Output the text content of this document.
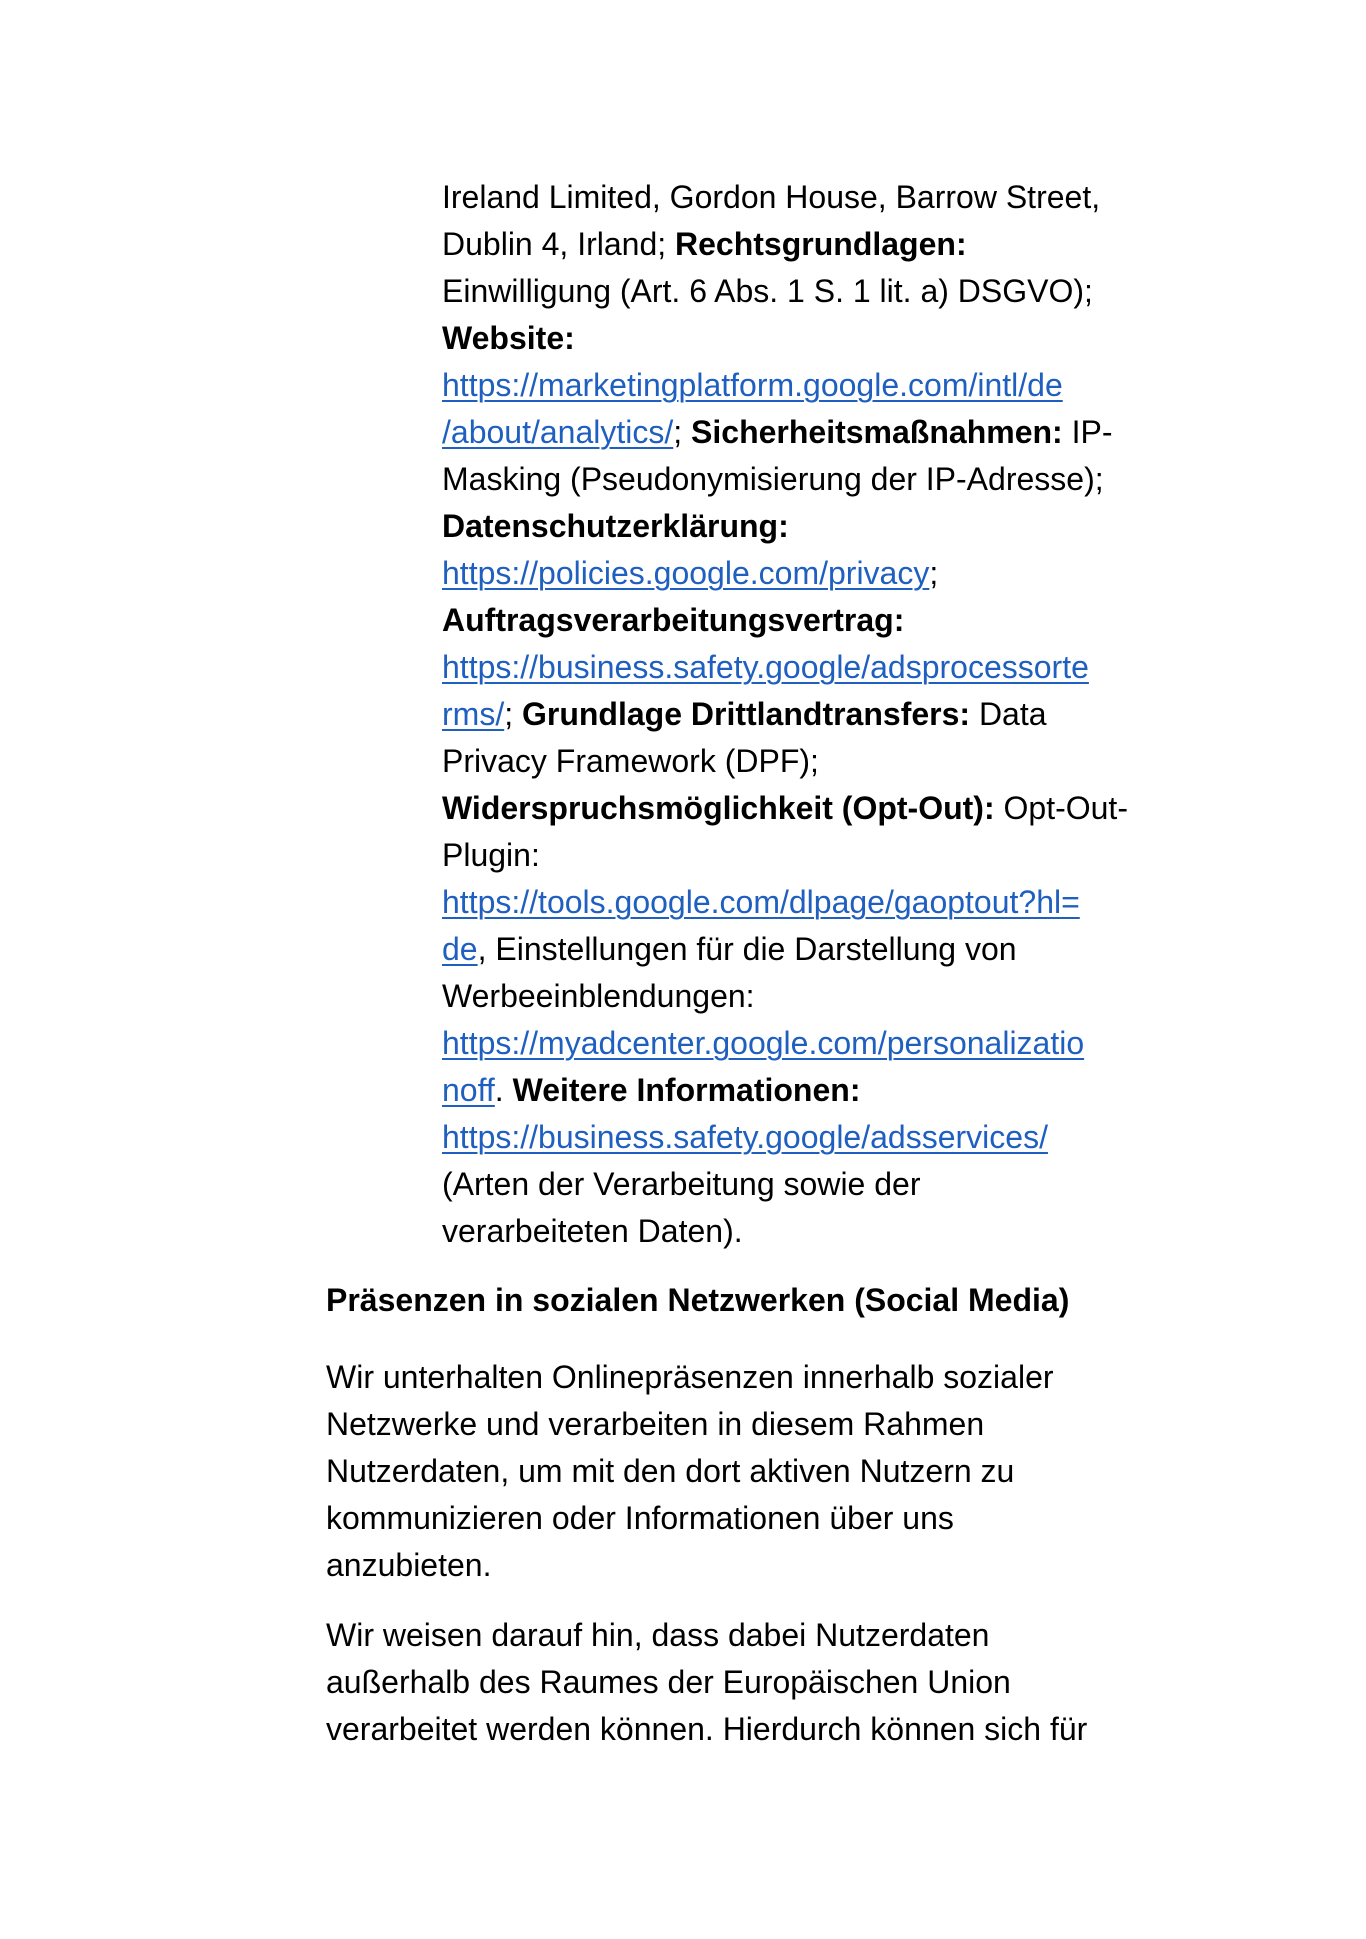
Ireland Limited, Gordon House, Barrow Street,
Dublin 4, Irland; Rechtsgrundlagen:
Einwilligung (Art. 6 Abs. 1 S. 1 lit. a) DSGVO);
Website:
https://marketingplatform.google.com/intl/de
/about/analytics/; Sicherheitsmaßnahmen: IP-
Masking (Pseudonymisierung der IP-Adresse);
Datenschutzerklärung:
https://policies.google.com/privacy;
Auftragsverarbeitungsvertrag:
https://business.safety.google/adsprocessorte
rms/; Grundlage Drittlandtransfers: Data
Privacy Framework (DPF);
Widerspruchsmöglichkeit (Opt-Out): Opt-Out-
Plugin:
https://tools.google.com/dlpage/gaoptout?hl=
de, Einstellungen für die Darstellung von
Werbeeinblendungen:
https://myadcenter.google.com/personalizatio
noff. Weitere Informationen:
https://business.safety.google/adsservices/
(Arten der Verarbeitung sowie der
verarbeiteten Daten).
Präsenzen in sozialen Netzwerken (Social Media)
Wir unterhalten Onlinepräsenzen innerhalb sozialer
Netzwerke und verarbeiten in diesem Rahmen
Nutzerdaten, um mit den dort aktiven Nutzern zu
kommunizieren oder Informationen über uns
anzubieten.
Wir weisen darauf hin, dass dabei Nutzerdaten
außerhalb des Raumes der Europäischen Union
verarbeitet werden können. Hierdurch können sich für
